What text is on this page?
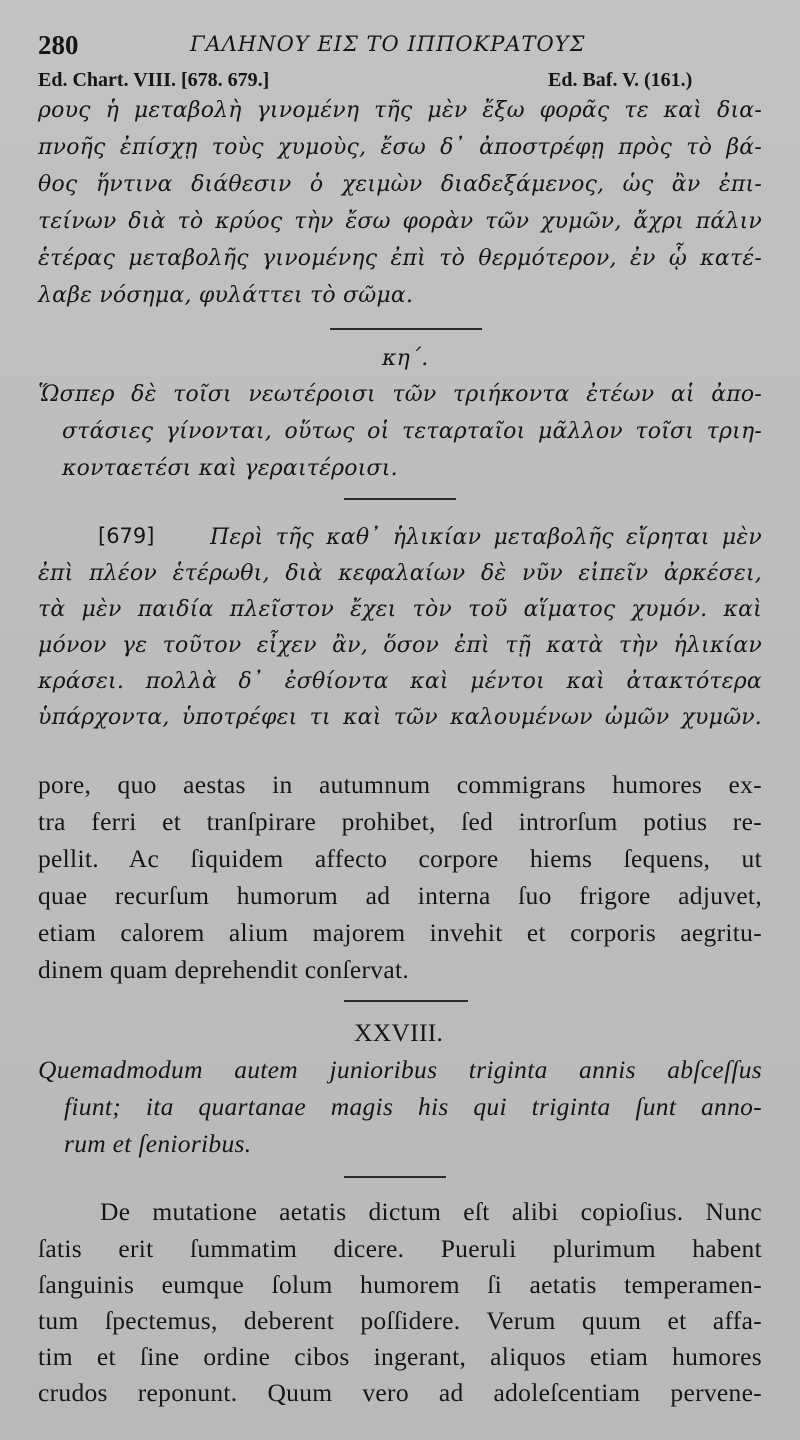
280	ΓΑΛΗΝΟΥ ΕΙΣ ΤΟ ΙΠΠΟΚΡΑΤΟΥΣ
Ed. Chart. VIII. [678. 679.]	Ed. Baf. V. (161.)
ρους ἡ μεταβολὴ γινομένη τῆς μὲν ἔξω φορᾶς τε καὶ δια-
πνοῆς ἐπίσχῃ τοὺς χυμοὺς, ἔσω δ᾽ ἀποστρέφῃ πρὸς τὸ βά-
θος ἥντινα διάθεσιν ὁ χειμὼν διαδεξάμενος, ὡς ἂν ἐπι-
τείνων διὰ τὸ κρύος τὴν ἔσω φορὰν τῶν χυμῶν, ἄχρι πάλιν
ἑτέρας μεταβολῆς γινομένης ἐπὶ τὸ θερμότερον, ἐν ᾧ κατέ-
λαβε νόσημα, φυλάττει τὸ σῶμα.
κη΄.
Ὥσπερ δὲ τοῖσι νεωτέροισι τῶν τριήκοντα ἐτέων αἱ ἀπο-
στάσιες γίνονται, οὕτως οἱ τεταρταῖοι μᾶλλον τοῖσι τριη-
κονταετέσι καὶ γεραιτέροισι.
[679]	Περὶ τῆς καθ᾽ ἡλικίαν μεταβολῆς εἴρηται μὲν
ἐπὶ πλέον ἑτέρωθι, διὰ κεφαλαίων δὲ νῦν εἰπεῖν ἀρκέσει,
τὰ μὲν παιδία πλεῖστον ἔχει τὸν τοῦ αἵματος χυμόν. καὶ
μόνον γε τοῦτον εἶχεν ἂν, ὅσον ἐπὶ τῇ κατὰ τὴν ἡλικίαν
κράσει. πολλὰ δ᾽ ἐσθίοντα καὶ μέντοι καὶ ἀτακτότερα
ὑπάρχοντα, ὑποτρέφει τι καὶ τῶν καλουμένων ὠμῶν χυμῶν.
pore, quo aestas in autumnum commigrans humores ex-
tra ferri et tranſpirare prohibet, ſed introrſum potius re-
pellit. Ac ſiquidem affecto corpore hiems ſequens, ut
quae recurſum humorum ad interna ſuo frigore adjuvet,
etiam calorem alium majorem invehit et corporis aegritu-
dinem quam deprehendit conſervat.
XXVIII.
Quemadmodum autem junioribus triginta annis abſceſſus
fiunt; ita quartanae magis his qui triginta ſunt anno-
rum et ſenioribus.
De mutatione aetatis dictum eſt alibi copioſius. Nunc
ſatis erit ſummatim dicere. Pueruli plurimum habent
ſanguinis eumque ſolum humorem ſi aetatis temperamen-
tum ſpectemus, deberent poſſidere. Verum quum et affa-
tim et ſine ordine cibos ingerant, aliquos etiam humores
crudos reponunt. Quum vero ad adoleſcentiam pervene-
